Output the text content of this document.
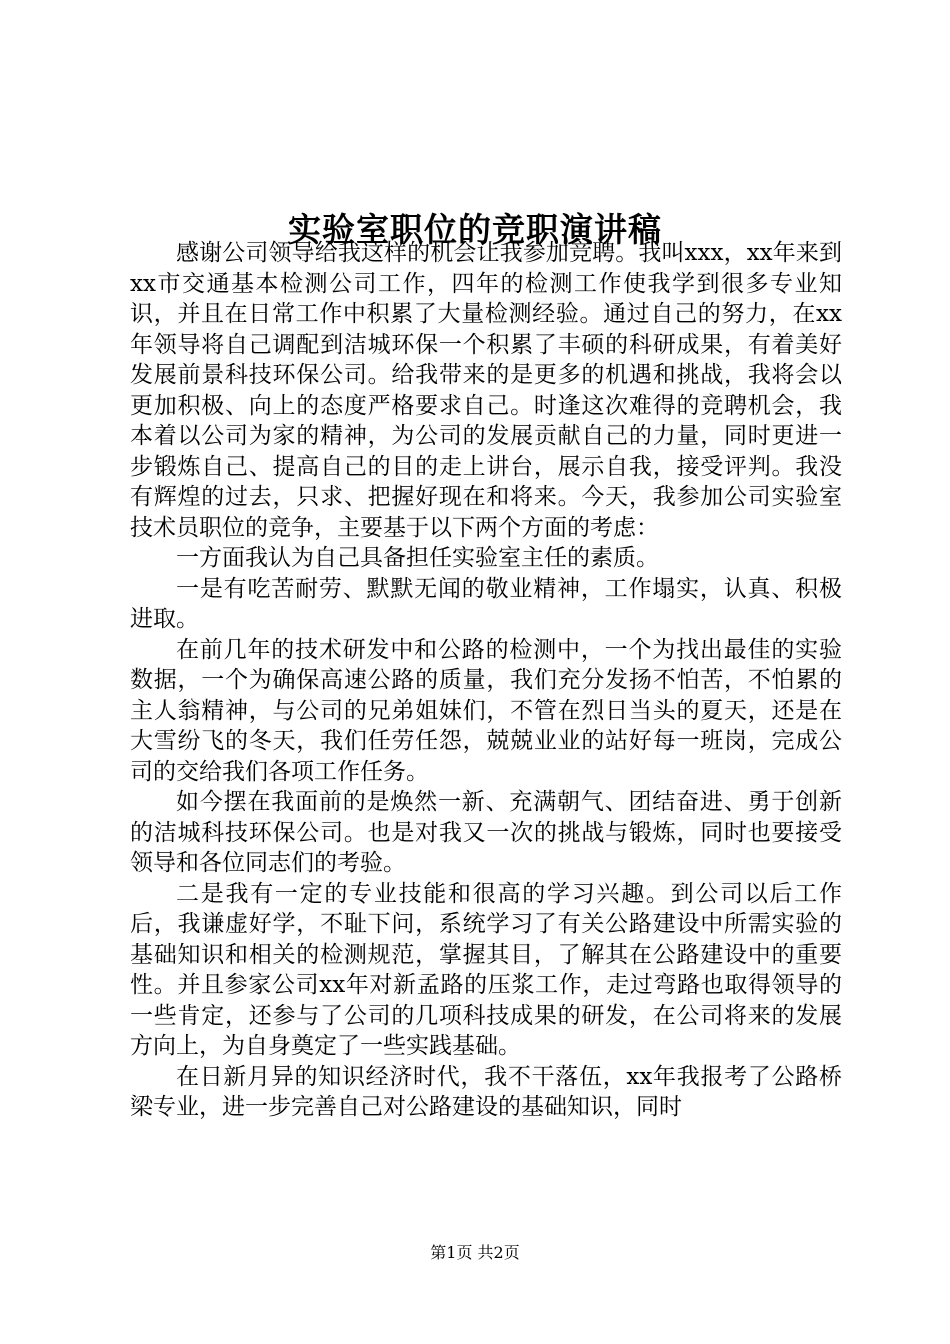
实验室职位的竞职演讲稿

感谢公司领导给我这样的机会让我参加竞聘。我叫xxx，xx年来到xx市交通基本检测公司工作，四年的检测工作使我学到很多专业知识，并且在日常工作中积累了大量检测经验。通过自己的努力，在xx年领导将自己调配到洁城环保一个积累了丰硕的科研成果，有着美好发展前景科技环保公司。给我带来的是更多的机遇和挑战，我将会以更加积极、向上的态度严格要求自己。时逢这次难得的竞聘机会，我本着以公司为家的精神，为公司的发展贡献自己的力量，同时更进一步锻炼自己、提高自己的目的走上讲台，展示自我，接受评判。我没有辉煌的过去，只求、把握好现在和将来。今天，我参加公司实验室技术员职位的竞争，主要基于以下两个方面的考虑：

一方面我认为自己具备担任实验室主任的素质。

一是有吃苦耐劳、默默无闻的敬业精神，工作塌实，认真、积极进取。

在前几年的技术研发中和公路的检测中，一个为找出最佳的实验数据，一个为确保高速公路的质量，我们充分发扬不怕苦，不怕累的主人翁精神，与公司的兄弟姐妹们，不管在烈日当头的夏天，还是在大雪纷飞的冬天，我们任劳任怨，兢兢业业的站好每一班岗，完成公司的交给我们各项工作任务。

如今摆在我面前的是焕然一新、充满朝气、团结奋进、勇于创新的洁城科技环保公司。也是对我又一次的挑战与锻炼，同时也要接受领导和各位同志们的考验。

二是我有一定的专业技能和很高的学习兴趣。到公司以后工作后，我谦虚好学，不耻下问，系统学习了有关公路建设中所需实验的基础知识和相关的检测规范，掌握其目，了解其在公路建设中的重要性。并且参家公司xx年对新孟路的压浆工作，走过弯路也取得领导的一些肯定，还参与了公司的几项科技成果的研发，在公司将来的发展方向上，为自身奠定了一些实践基础。

在日新月异的知识经济时代，我不干落伍，xx年我报考了公路桥梁专业，进一步完善自己对公路建设的基础知识，同时

第1页 共2页
